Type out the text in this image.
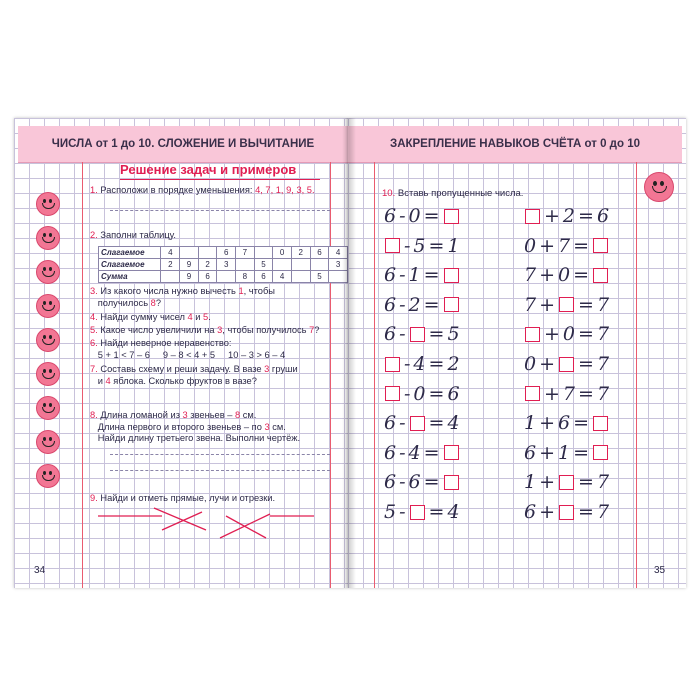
ЧИСЛА от 1 до 10. СЛОЖЕНИЕ И ВЫЧИТАНИЕ
Решение задач и примеров
1. Расположи в порядке уменьшения: 4, 7, 1, 9, 3, 5.
2. Заполни таблицу.
Слагаемое	4			6	7		0	2	6	4
Слагаемое	2	9	2	3		5				3
Сумма		9	6		8	6	4		5	
3. Из какого числа нужно вычесть 1, чтобы
получилось 8?
4. Найди сумму чисел 4 и 5.
5. Какое число увеличили на 3, чтобы получилось 7?
6. Найди неверное неравенство:
5 + 1 < 7 – 6 9 – 8 < 4 + 5 10 – 3 > 6 – 4
7. Составь схему и реши задачу. В вазе 3 груши
и 4 яблока. Сколько фруктов в вазе?
8. Длина ломаной из 3 звеньев – 8 см.
Длина первого и второго звеньев – по 3 см.
Найди длину третьего звена. Выполни чертёж.
9. Найди и отметь прямые, лучи и отрезки.
34
ЗАКРЕПЛЕНИЕ НАВЫКОВ СЧЁТА от 0 до 10
10. Вставь пропущенные числа.
6 - 0 =
- 5 = 1
6 - 1 =
6 - 2 =
6 - = 5
- 4 = 2
- 0 = 6
6 - = 4
6 - 4 =
6 - 6 =
5 - = 4
+ 2 = 6
0 + 7 =
7 + 0 =
7 + = 7
+ 0 = 7
0 + = 7
+ 7 = 7
1 + 6 =
6 + 1 =
1 + = 7
6 + = 7
35
